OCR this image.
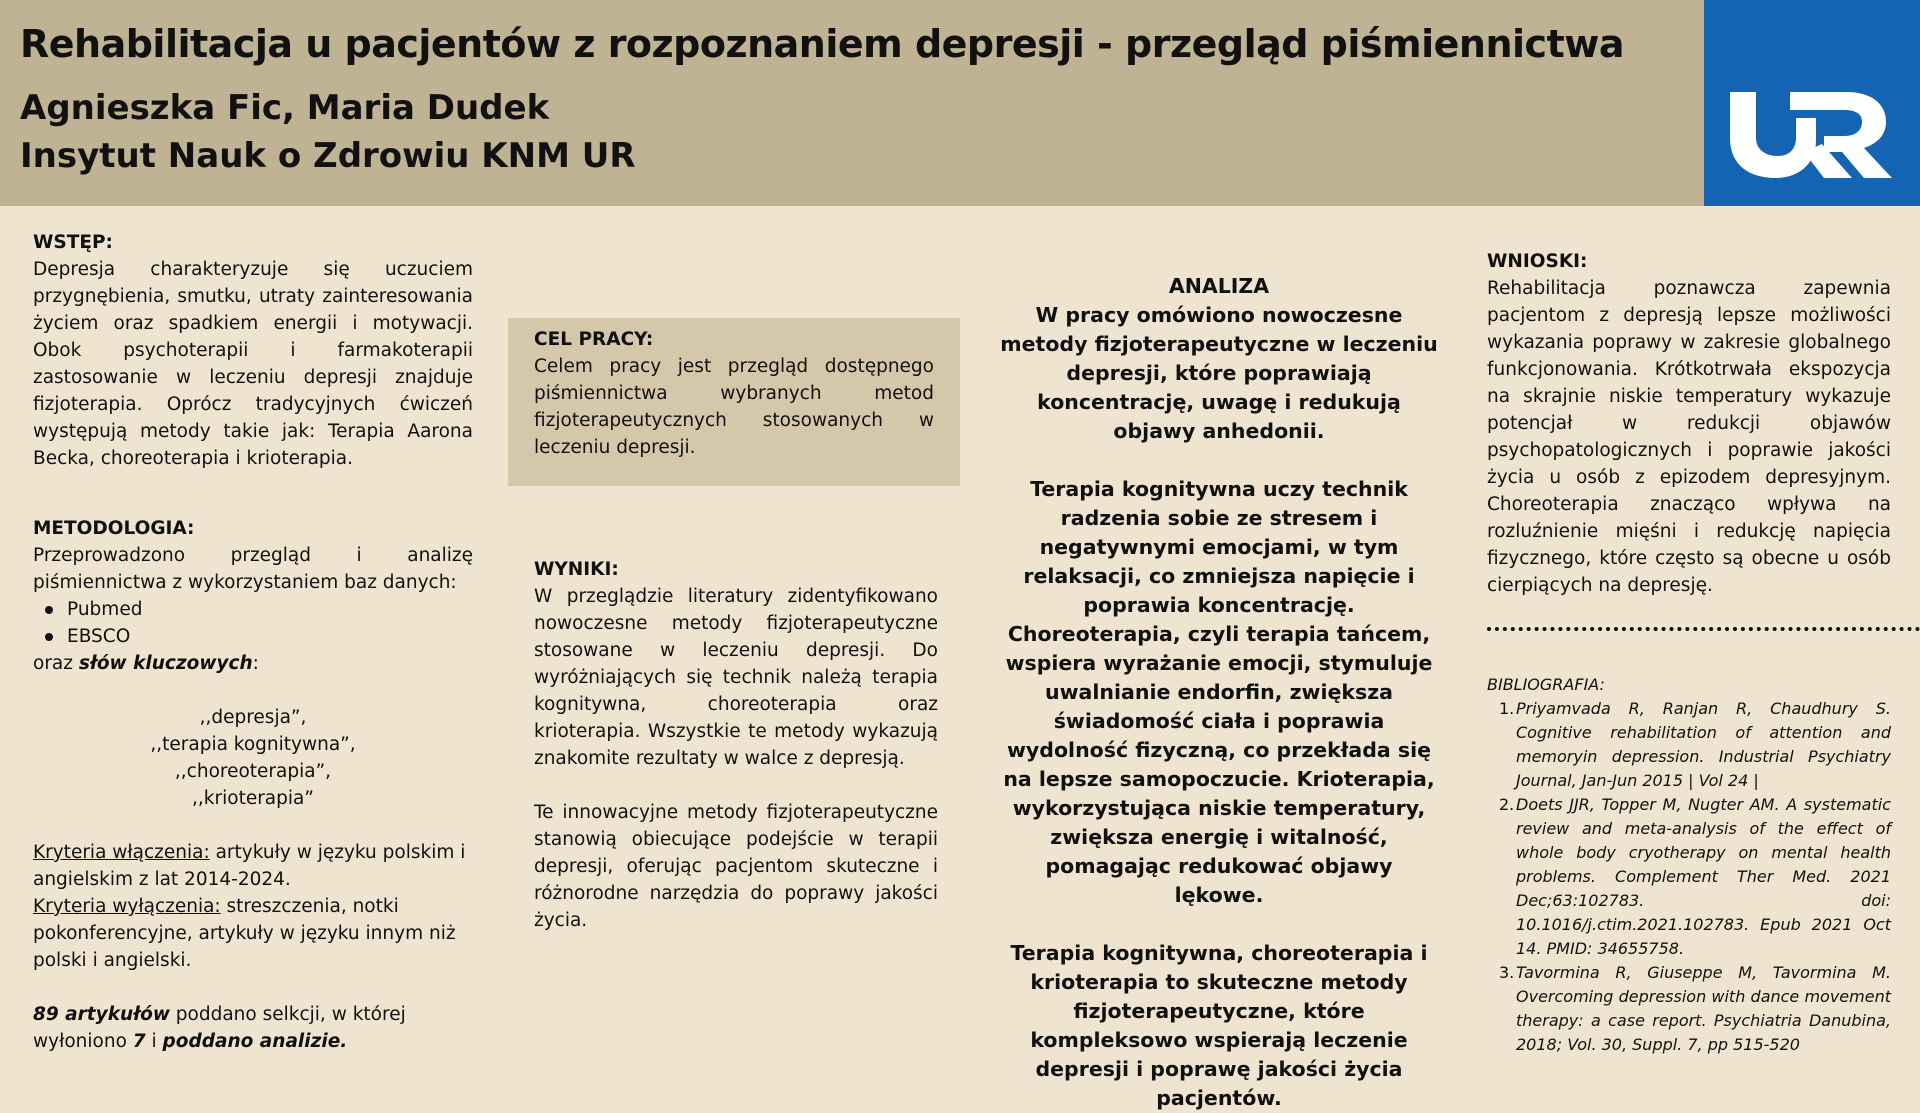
Rehabilitacja u pacjentów z rozpoznaniem depresji - przegląd piśmiennictwa
Agnieszka Fic, Maria Dudek
Insytut Nauk o Zdrowiu KNM UR
WSTĘP:
Depresja charakteryzuje się uczuciem przygnębienia, smutku, utraty zainteresowania życiem oraz spadkiem energii i motywacji. Obok psychoterapii i farmakoterapii zastosowanie w leczeniu depresji znajduje fizjoterapia. Oprócz tradycyjnych ćwiczeń występują metody takie jak: Terapia Aarona Becka, choreoterapia i krioterapia.
METODOLOGIA:
Przeprowadzono przegląd i analizę piśmiennictwa z wykorzystaniem baz danych:
Pubmed
EBSCO
oraz słów kluczowych:
,,depresja”,
,,terapia kognitywna”,
,,choreoterapia”,
,,krioterapia”
Kryteria włączenia: artykuły w języku polskim i angielskim z lat 2014-2024.
Kryteria wyłączenia: streszczenia, notki pokonferencyjne, artykuły w języku innym niż polski i angielski.
89 artykułów poddano selkcji, w której wyłoniono 7 i poddano analizie.
CEL PRACY:
Celem pracy jest przegląd dostępnego piśmiennictwa wybranych metod fizjoterapeutycznych stosowanych w leczeniu depresji.
WYNIKI:
W przeglądzie literatury zidentyfikowano nowoczesne metody fizjoterapeutyczne stosowane w leczeniu depresji. Do wyróżniających się technik należą terapia kognitywna, choreoterapia oraz krioterapia. Wszystkie te metody wykazują znakomite rezultaty w walce z depresją.
Te innowacyjne metody fizjoterapeutyczne stanowią obiecujące podejście w terapii depresji, oferując pacjentom skuteczne i różnorodne narzędzia do poprawy jakości życia.
ANALIZA
W pracy omówiono nowoczesne metody fizjoterapeutyczne w leczeniu depresji, które poprawiają koncentrację, uwagę i redukują objawy anhedonii.
Terapia kognitywna uczy technik radzenia sobie ze stresem i negatywnymi emocjami, w tym relaksacji, co zmniejsza napięcie i poprawia koncentrację. Choreoterapia, czyli terapia tańcem, wspiera wyrażanie emocji, stymuluje uwalnianie endorfin, zwiększa świadomość ciała i poprawia wydolność fizyczną, co przekłada się na lepsze samopoczucie. Krioterapia, wykorzystująca niskie temperatury, zwiększa energię i witalność, pomagając redukować objawy lękowe.
Terapia kognitywna, choreoterapia i krioterapia to skuteczne metody fizjoterapeutyczne, które kompleksowo wspierają leczenie depresji i poprawę jakości życia pacjentów.
WNIOSKI:
Rehabilitacja poznawcza zapewnia pacjentom z depresją lepsze możliwości wykazania poprawy w zakresie globalnego funkcjonowania. Krótkotrwała ekspozycja na skrajnie niskie temperatury wykazuje potencjał w redukcji objawów psychopatologicznych i poprawie jakości życia u osób z epizodem depresyjnym. Choreoterapia znacząco wpływa na rozluźnienie mięśni i redukcję napięcia fizycznego, które często są obecne u osób cierpiących na depresję.
BIBLIOGRAFIA:
1. Priyamvada R, Ranjan R, Chaudhury S. Cognitive rehabilitation of attention and memoryin depression. Industrial Psychiatry Journal, Jan-Jun 2015 | Vol 24 |
2. Doets JJR, Topper M, Nugter AM. A systematic review and meta-analysis of the effect of whole body cryotherapy on mental health problems. Complement Ther Med. 2021 Dec;63:102783. doi: 10.1016/j.ctim.2021.102783. Epub 2021 Oct 14. PMID: 34655758.
3. Tavormina R, Giuseppe M, Tavormina M. Overcoming depression with dance movement therapy: a case report. Psychiatria Danubina, 2018; Vol. 30, Suppl. 7, pp 515-520
